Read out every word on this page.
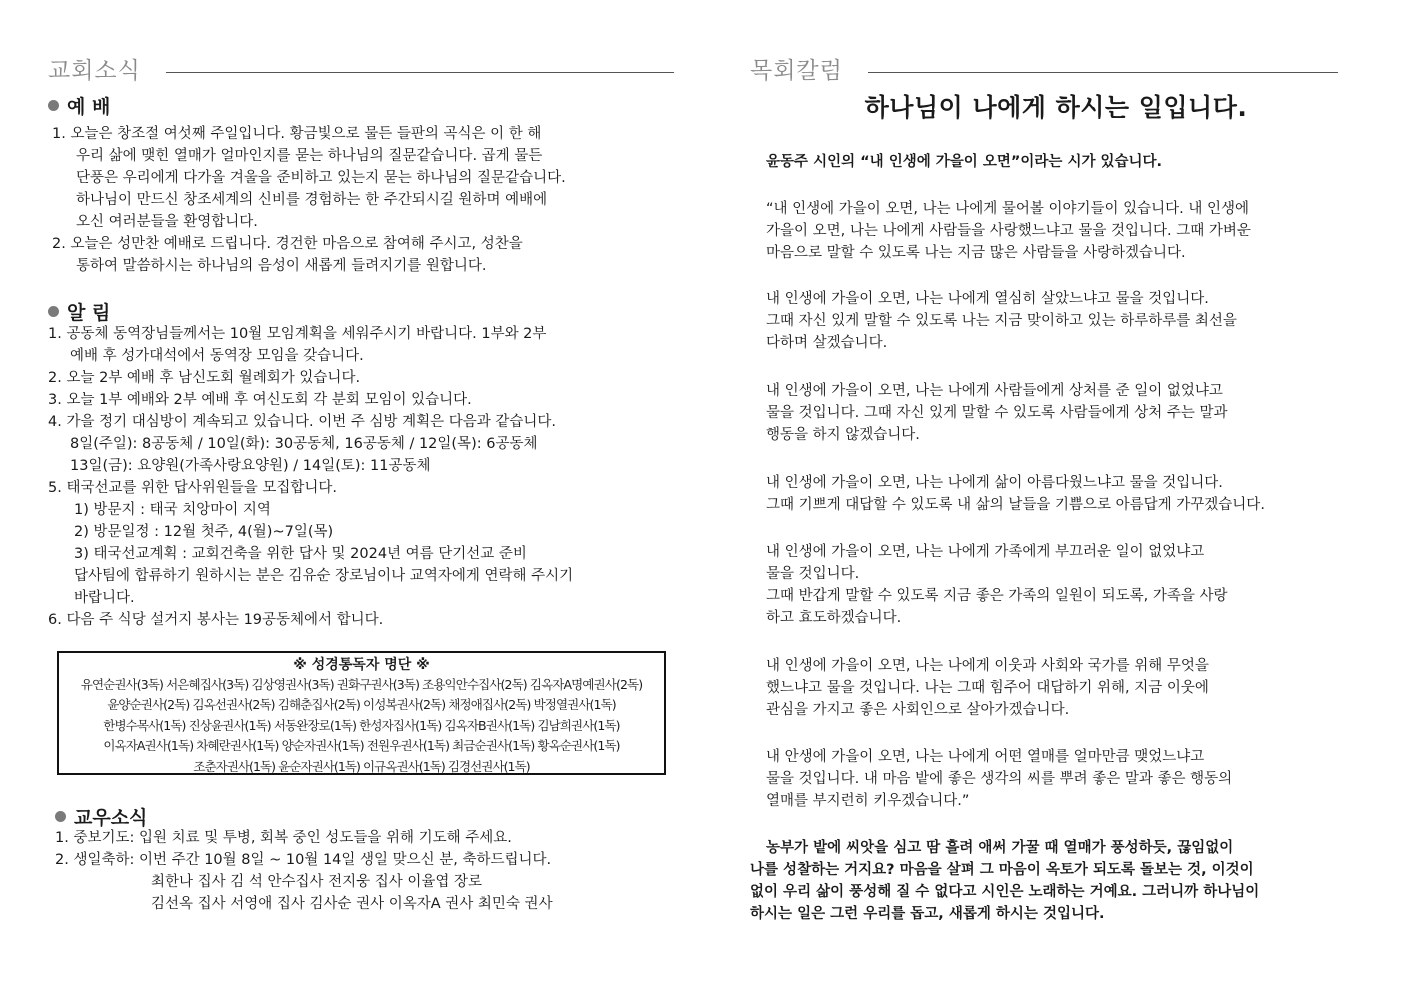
교회소식
예 배
1. 오늘은 창조절 여섯째 주일입니다. 황금빛으로 물든 들판의 곡식은 이 한 해
우리 삶에 맺힌 열매가 얼마인지를 묻는 하나님의 질문같습니다. 곱게 물든
단풍은 우리에게 다가올 겨울을 준비하고 있는지 묻는 하나님의 질문같습니다.
하나님이 만드신 창조세계의 신비를 경험하는 한 주간되시길 원하며 예배에
오신 여러분들을 환영합니다.
2. 오늘은 성만찬 예배로 드립니다. 경건한 마음으로 참여해 주시고, 성찬을
통하여 말씀하시는 하나님의 음성이 새롭게 들려지기를 원합니다.
알 림
1. 공동체 동역장님들께서는 10월 모임계획을 세워주시기 바랍니다. 1부와 2부
예배 후 성가대석에서 동역장 모임을 갖습니다.
2. 오늘 2부 예배 후 남신도회 월례회가 있습니다.
3. 오늘 1부 예배와 2부 예배 후 여신도회 각 분회 모임이 있습니다.
4. 가을 정기 대심방이 계속되고 있습니다. 이번 주 심방 계획은 다음과 같습니다.
8일(주일): 8공동체 / 10일(화): 30공동체, 16공동체 / 12일(목): 6공동체
13일(금): 요양원(가족사랑요양원) / 14일(토): 11공동체
5. 태국선교를 위한 답사위원들을 모집합니다.
1) 방문지 : 태국 치앙마이 지역
2) 방문일정 : 12월 첫주, 4(월)~7일(목)
3) 태국선교계획 : 교회건축을 위한 답사 및 2024년 여름 단기선교 준비
답사팀에 합류하기 원하시는 분은 김유순 장로님이나 교역자에게 연락해 주시기
바랍니다.
6. 다음 주 식당 설거지 봉사는 19공동체에서 합니다.
※ 성경통독자 명단 ※
유연순권사(3독) 서은혜집사(3독) 김상영권사(3독) 권화구권사(3독) 조용익안수집사(2독) 김옥자A명예권사(2독)
윤양순권사(2독) 김옥선권사(2독) 김해춘집사(2독) 이성복권사(2독) 채정애집사(2독) 박정열권사(1독)
한병수목사(1독) 진상윤권사(1독) 서동완장로(1독) 한성자집사(1독) 김옥자B권사(1독) 김남희권사(1독)
이옥자A권사(1독) 차혜란권사(1독) 양순자권사(1독) 전원우권사(1독) 최금순권사(1독) 황옥순권사(1독)
조춘자권사(1독) 윤순자권사(1독) 이규옥권사(1독) 김경선권사(1독)
교우소식
1. 중보기도: 입원 치료 및 투병, 회복 중인 성도들을 위해 기도해 주세요.
2. 생일축하: 이번 주간 10월 8일 ~ 10월 14일 생일 맞으신 분, 축하드립니다.
최한나 집사 김 석 안수집사 전지웅 집사 이율엽 장로
김선옥 집사 서영애 집사 김사순 권사 이옥자A 권사 최민숙 권사
목회칼럼
하나님이 나에게 하시는 일입니다.
윤동주 시인의 “내 인생에 가을이 오면”이라는 시가 있습니다.
“내 인생에 가을이 오면, 나는 나에게 물어볼 이야기들이 있습니다. 내 인생에
가을이 오면, 나는 나에게 사람들을 사랑했느냐고 물을 것입니다. 그때 가벼운
마음으로 말할 수 있도록 나는 지금 많은 사람들을 사랑하겠습니다.
내 인생에 가을이 오면, 나는 나에게 열심히 살았느냐고 물을 것입니다.
그때 자신 있게 말할 수 있도록 나는 지금 맞이하고 있는 하루하루를 최선을
다하며 살겠습니다.
내 인생에 가을이 오면, 나는 나에게 사람들에게 상처를 준 일이 없었냐고
물을 것입니다. 그때 자신 있게 말할 수 있도록 사람들에게 상처 주는 말과
행동을 하지 않겠습니다.
내 인생에 가을이 오면, 나는 나에게 삶이 아름다웠느냐고 물을 것입니다.
그때 기쁘게 대답할 수 있도록 내 삶의 날들을 기쁨으로 아름답게 가꾸겠습니다.
내 인생에 가을이 오면, 나는 나에게 가족에게 부끄러운 일이 없었냐고
물을 것입니다.
그때 반갑게 말할 수 있도록 지금 좋은 가족의 일원이 되도록, 가족을 사랑
하고 효도하겠습니다.
내 인생에 가을이 오면, 나는 나에게 이웃과 사회와 국가를 위해 무엇을
했느냐고 물을 것입니다. 나는 그때 힘주어 대답하기 위해, 지금 이웃에
관심을 가지고 좋은 사회인으로 살아가겠습니다.
내 안생에 가을이 오면, 나는 나에게 어떤 열매를 얼마만큼 맺었느냐고
물을 것입니다. 내 마음 밭에 좋은 생각의 씨를 뿌려 좋은 말과 좋은 행동의
열매를 부지런히 키우겠습니다.”
농부가 밭에 씨앗을 심고 땀 흘려 애써 가꿀 때 열매가 풍성하듯, 끊임없이
나를 성찰하는 거지요? 마음을 살펴 그 마음이 옥토가 되도록 돌보는 것, 이것이
없이 우리 삶이 풍성해 질 수 없다고 시인은 노래하는 거예요. 그러니까 하나님이
하시는 일은 그런 우리를 돕고, 새롭게 하시는 것입니다.
